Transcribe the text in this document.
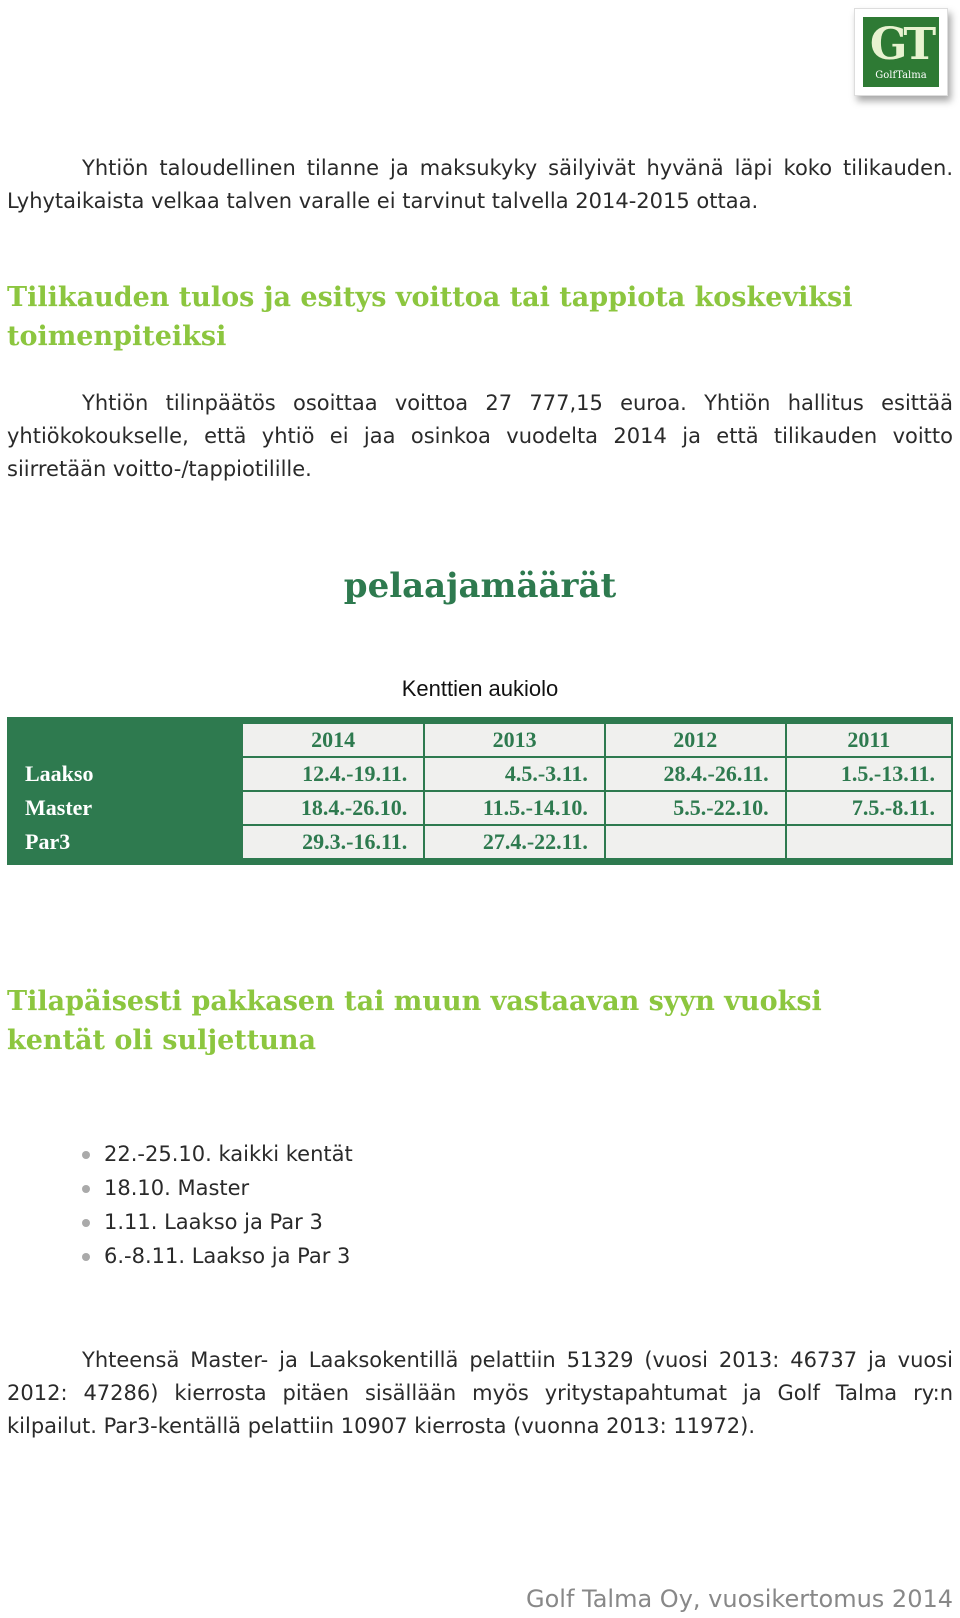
GT
GolfTalma

Yhtiön taloudellinen tilanne ja maksukyky säilyivät hyvänä läpi koko tilikauden. Lyhytaikaista velkaa talven varalle ei tarvinut talvella 2014-2015 ottaa.

Tilikauden tulos ja esitys voittoa tai tappiota koskeviksi toimenpiteiksi

Yhtiön tilinpäätös osoittaa voittoa 27 777,15 euroa. Yhtiön hallitus esittää yhtiökokoukselle, että yhtiö ei jaa osinkoa vuodelta 2014 ja että tilikauden voitto siirretään voitto-/tappiotilille.

pelaajamäärät
Kenttien aukiolo
	2014	2013	2012	2011
Laakso	12.4.-19.11.	4.5.-3.11.	28.4.-26.11.	1.5.-13.11.
Master	18.4.-26.10.	11.5.-14.10.	5.5.-22.10.	7.5.-8.11.
Par3	29.3.-16.11.	27.4.-22.11.		
Tilapäisesti pakkasen tai muun vastaavan syyn vuoksi kentät oli suljettuna
22.-25.10. kaikki kentät
18.10. Master
1.11. Laakso ja Par 3
6.-8.11. Laakso ja Par 3

Yhteensä Master- ja Laaksokentillä pelattiin 51329 (vuosi 2013: 46737 ja vuosi 2012: 47286) kierrosta pitäen sisällään myös yritystapahtumat ja Golf Talma ry:n kilpailut. Par3-kentällä pelattiin 10907 kierrosta (vuonna 2013: 11972).

Golf Talma Oy, vuosikertomus 2014
